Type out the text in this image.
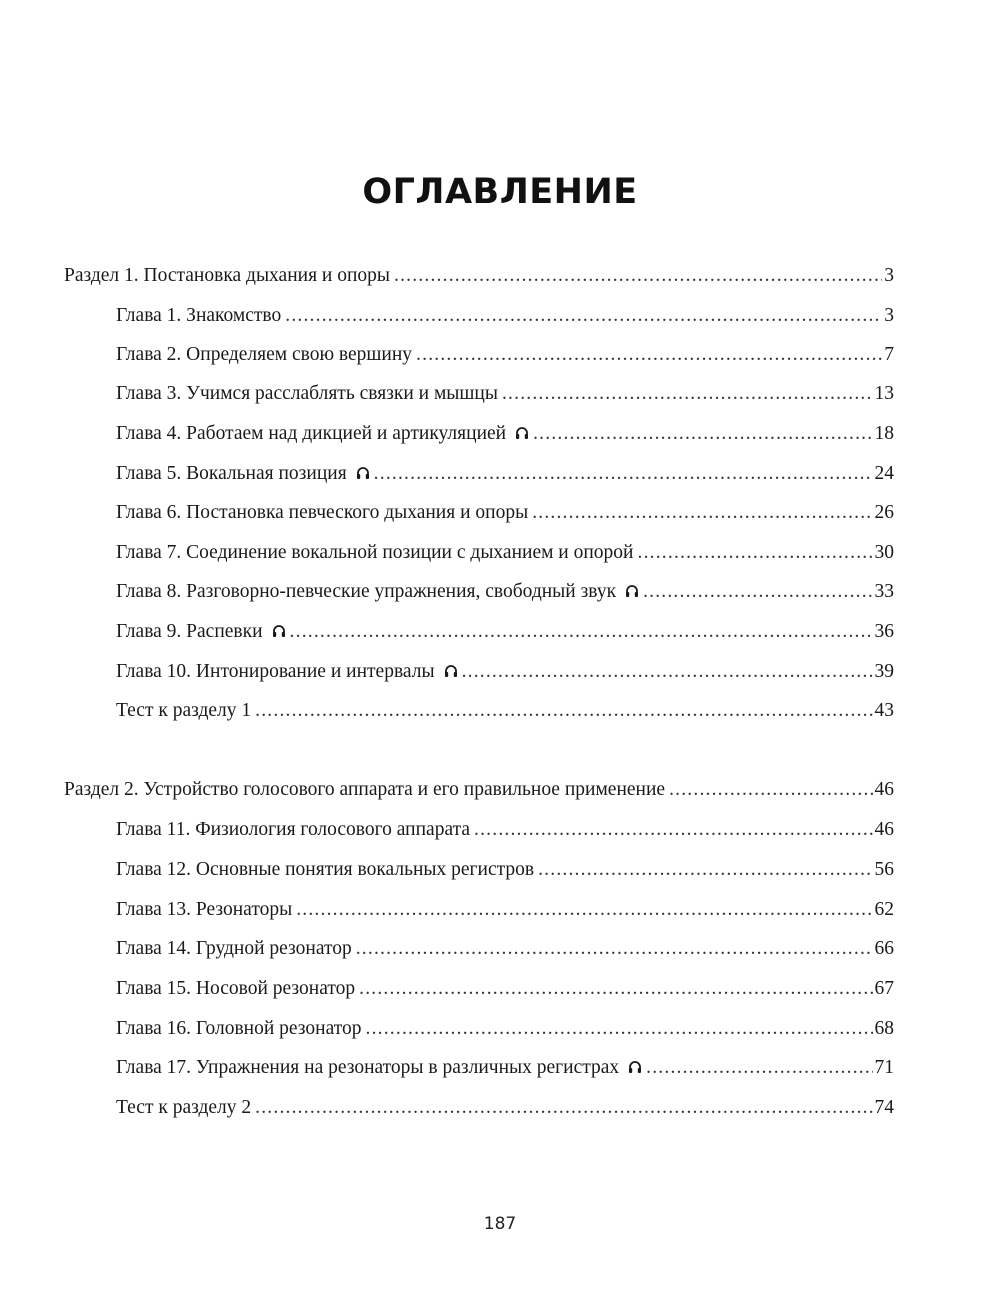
ОГЛАВЛЕНИЕ
Раздел 1. Постановка дыхания и опоры .....	3
Глава 1. Знакомство .....	3
Глава 2. Определяем свою вершину .....	7
Глава 3. Учимся расслаблять связки и мышцы .....	13
Глава 4. Работаем над дикцией и артикуляцией .....	18
Глава 5. Вокальная позиция .....	24
Глава 6. Постановка певческого дыхания и опоры .....	26
Глава 7. Соединение вокальной позиции с дыханием и опорой .....	30
Глава 8. Разговорно-певческие упражнения, свободный звук .....	33
Глава 9. Распевки .....	36
Глава 10. Интонирование и интервалы .....	39
Тест к разделу 1 .....	43
Раздел 2. Устройство голосового аппарата и его правильное применение .....	46
Глава 11. Физиология голосового аппарата .....	46
Глава 12. Основные понятия вокальных регистров .....	56
Глава 13. Резонаторы .....	62
Глава 14. Грудной резонатор .....	66
Глава 15. Носовой резонатор .....	67
Глава 16. Головной резонатор .....	68
Глава 17. Упражнения на резонаторы в различных регистрах .....	71
Тест к разделу 2 .....	74
187
